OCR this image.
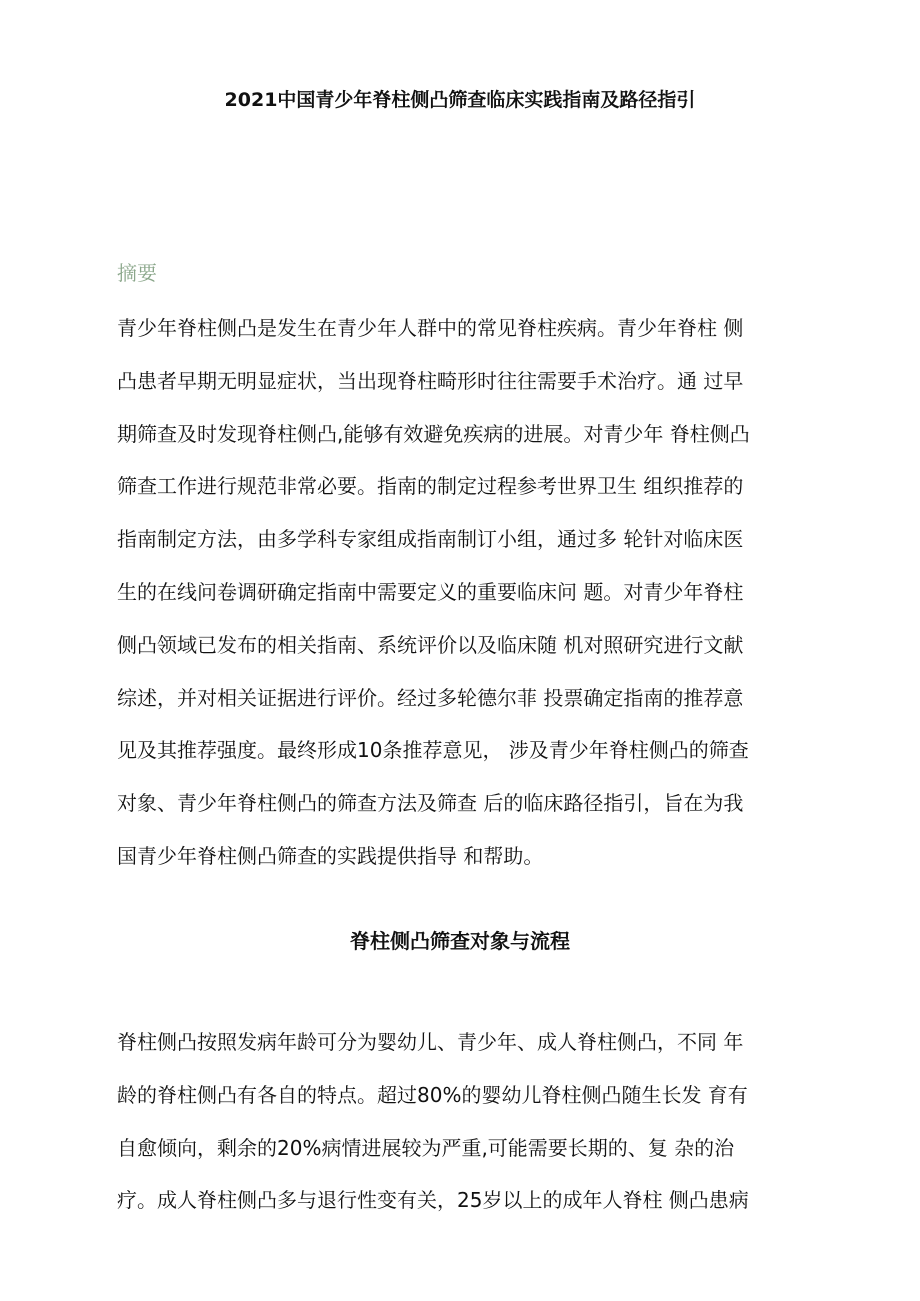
2021中国青少年脊柱侧凸筛查临床实践指南及路径指引
摘要
青少年脊柱侧凸是发生在青少年人群中的常见脊柱疾病。青少年脊柱 侧
凸患者早期无明显症状，当出现脊柱畸形时往往需要手术治疗。通 过早
期筛查及时发现脊柱侧凸,能够有效避免疾病的进展。对青少年 脊柱侧凸
筛查工作进行规范非常必要。指南的制定过程参考世界卫生 组织推荐的
指南制定方法，由多学科专家组成指南制订小组，通过多 轮针对临床医
生的在线问卷调研确定指南中需要定义的重要临床问 题。对青少年脊柱
侧凸领域已发布的相关指南、系统评价以及临床随 机对照研究进行文献
综述，并对相关证据进行评价。经过多轮德尔菲 投票确定指南的推荐意
见及其推荐强度。最终形成10条推荐意见， 涉及青少年脊柱侧凸的筛查
对象、青少年脊柱侧凸的筛查方法及筛查 后的临床路径指引，旨在为我
国青少年脊柱侧凸筛查的实践提供指导 和帮助。
脊柱侧凸筛查对象与流程
脊柱侧凸按照发病年龄可分为婴幼儿、青少年、成人脊柱侧凸，不同 年
龄的脊柱侧凸有各自的特点。超过80%的婴幼儿脊柱侧凸随生长发 育有
自愈倾向，剩余的20%病情进展较为严重,可能需要长期的、复 杂的治
疗。成人脊柱侧凸多与退行性变有关，25岁以上的成年人脊柱 侧凸患病
